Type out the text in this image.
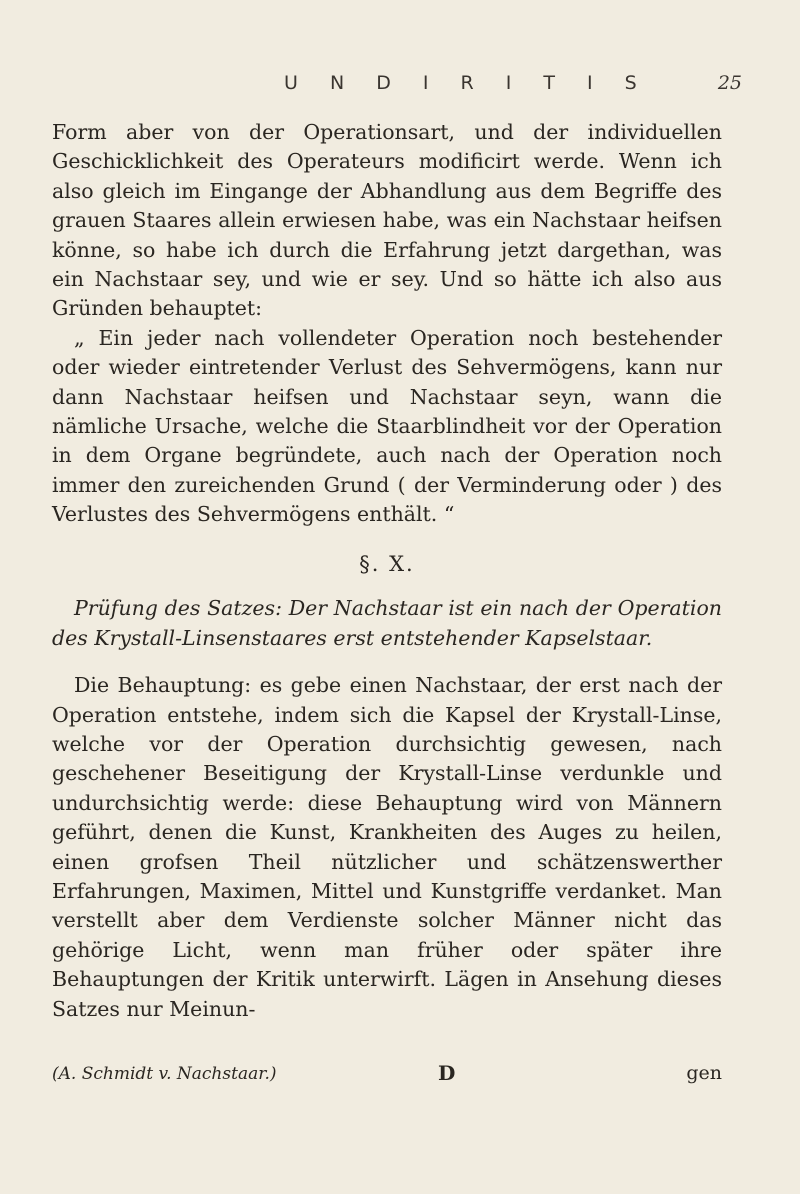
U N D I R I T I S	25

Form aber von der Operationsart, und der individuellen Geschicklichkeit des Operateurs modificirt werde. Wenn ich also gleich im Eingange der Abhandlung aus dem Begriffe des grauen Staares allein erwiesen habe, was ein Nachstaar heifsen könne, so habe ich durch die Erfahrung jetzt dargethan, was ein Nachstaar sey, und wie er sey. Und so hätte ich also aus Gründen behauptet:

„ Ein jeder nach vollendeter Operation noch bestehender oder wieder eintretender Verlust des Sehvermögens, kann nur dann Nachstaar heifsen und Nachstaar seyn, wann die nämliche Ursache, welche die Staarblindheit vor der Operation in dem Organe begründete, auch nach der Operation noch immer den zureichenden Grund ( der Verminderung oder ) des Verlustes des Sehvermögens enthält. “

§. X.

Prüfung des Satzes: Der Nachstaar ist ein nach der Operation des Krystall-Linsenstaares erst entstehender Kapselstaar.

Die Behauptung: es gebe einen Nachstaar, der erst nach der Operation entstehe, indem sich die Kapsel der Krystall-Linse, welche vor der Operation durchsichtig gewesen, nach geschehener Beseitigung der Krystall-Linse verdunkle und undurchsichtig werde: diese Behauptung wird von Männern geführt, denen die Kunst, Krankheiten des Auges zu heilen, einen grofsen Theil nützlicher und schätzenswerther Erfahrungen, Maximen, Mittel und Kunstgriffe verdanket. Man verstellt aber dem Verdienste solcher Männer nicht das gehörige Licht, wenn man früher oder später ihre Behauptungen der Kritik unterwirft. Lägen in Ansehung dieses Satzes nur Meinun-

(A. Schmidt v. Nachstaar.)	D	gen
